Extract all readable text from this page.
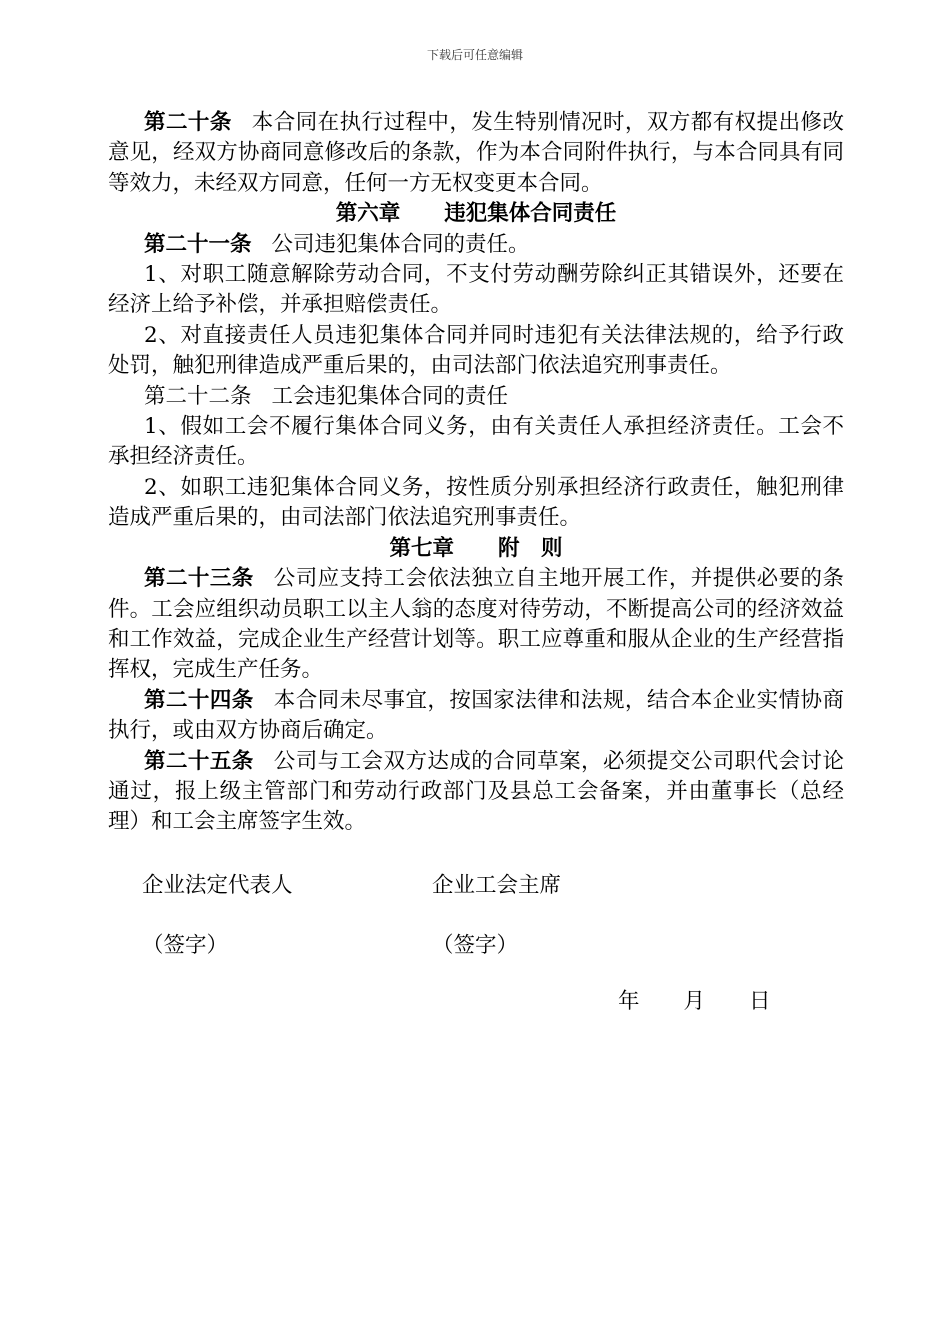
下载后可任意编辑

第二十条 本合同在执行过程中，发生特别情况时，双方都有权提出修改意见，经双方协商同意修改后的条款，作为本合同附件执行，与本合同具有同等效力，未经双方同意，任何一方无权变更本合同。

第六章 违犯集体合同责任

第二十一条 公司违犯集体合同的责任。

1、对职工随意解除劳动合同，不支付劳动酬劳除纠正其错误外，还要在经济上给予补偿，并承担赔偿责任。

2、对直接责任人员违犯集体合同并同时违犯有关法律法规的，给予行政处罚，触犯刑律造成严重后果的，由司法部门依法追究刑事责任。

第二十二条 工会违犯集体合同的责任

1、假如工会不履行集体合同义务，由有关责任人承担经济责任。工会不承担经济责任。

2、如职工违犯集体合同义务，按性质分别承担经济行政责任，触犯刑律造成严重后果的，由司法部门依法追究刑事责任。

第七章 附　则

第二十三条 公司应支持工会依法独立自主地开展工作，并提供必要的条件。工会应组织动员职工以主人翁的态度对待劳动，不断提高公司的经济效益和工作效益，完成企业生产经营计划等。职工应尊重和服从企业的生产经营指挥权，完成生产任务。

第二十四条 本合同未尽事宜，按国家法律和法规，结合本企业实情协商执行，或由双方协商后确定。

第二十五条 公司与工会双方达成的合同草案，必须提交公司职代会讨论通过，报上级主管部门和劳动行政部门及县总工会备案，并由董事长（总经理）和工会主席签字生效。

企业法定代表人	企业工会主席
（签字）	（签字）
年 月 日
